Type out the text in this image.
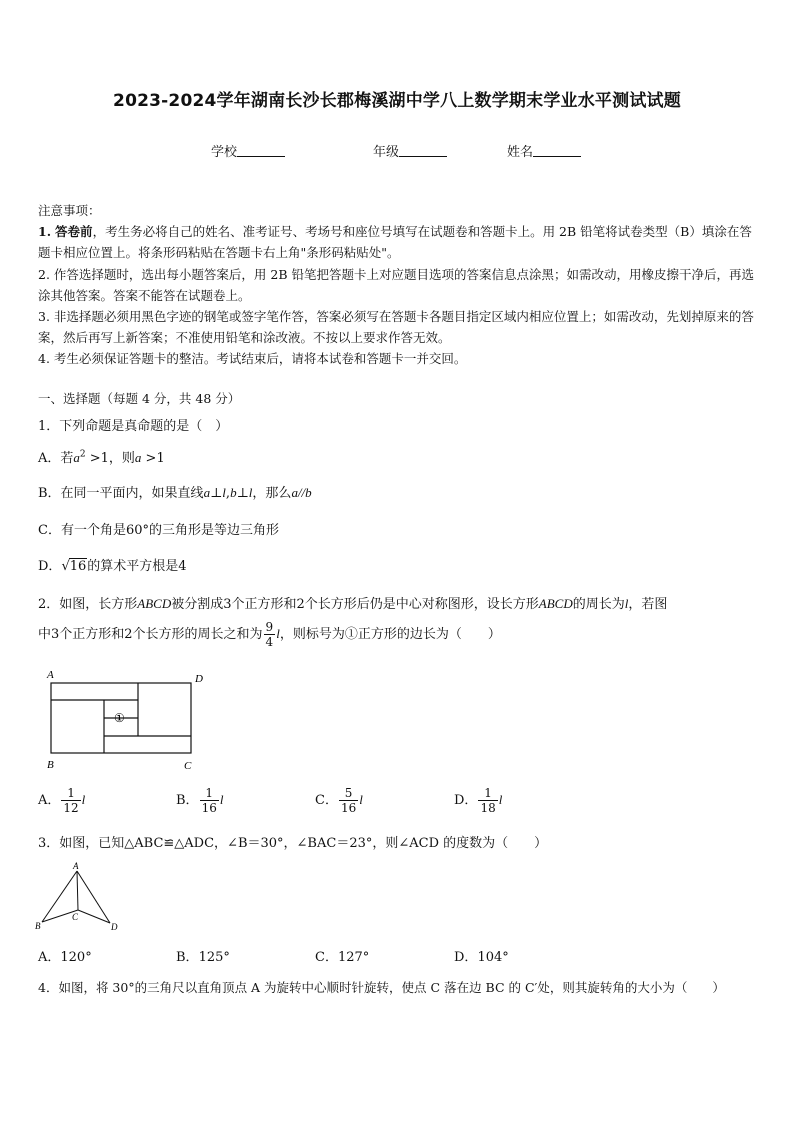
2023-2024学年湖南长沙长郡梅溪湖中学八上数学期末学业水平测试试题
学校	年级	姓名
注意事项：
1. 答卷前，考生务必将自己的姓名、准考证号、考场号和座位号填写在试题卷和答题卡上。用 2B 铅笔将试卷类型（B）填涂在答题卡相应位置上。将条形码粘贴在答题卡右上角"条形码粘贴处"。
2. 作答选择题时，选出每小题答案后，用 2B 铅笔把答题卡上对应题目选项的答案信息点涂黑；如需改动，用橡皮擦干净后，再选涂其他答案。答案不能答在试题卷上。
3. 非选择题必须用黑色字迹的钢笔或签字笔作答，答案必须写在答题卡各题目指定区域内相应位置上；如需改动，先划掉原来的答案，然后再写上新答案；不准使用铅笔和涂改液。不按以上要求作答无效。
4. 考生必须保证答题卡的整洁。考试结束后，请将本试卷和答题卡一并交回。
一、选择题（每题 4 分，共 48 分）
1．下列命题是真命题的是（　）
A．若$a^2 >1$，则a >1
B．在同一平面内，如果直线a⊥l,b⊥l，那么a//b
C．有一个角是60°的三角形是等边三角形
D．√16的算术平方根是4
2．如图，长方形ABCD被分割成3个正方形和2个长方形后仍是中心对称图形，设长方形ABCD的周长为l，若图
中3个正方形和2个长方形的周长之和为 $\frac{9}{4}$ l，则标号为①正方形的边长为（　　）
A	D
B	C
①
A． $\frac{1}{12}$ l	B． $\frac{1}{16}$ l	C． $\frac{5}{16}$ l	D． $\frac{1}{18}$ l
3．如图，已知△ABC≌△ADC，∠B＝30°，∠BAC＝23°，则∠ACD 的度数为（　　）
A
B
C
D
A．120°	B．125°	C．127°	D．104°
4．如图，将 30°的三角尺以直角顶点 A 为旋转中心顺时针旋转，使点 C 落在边 BC 的 C′处，则其旋转角的大小为（　　）
